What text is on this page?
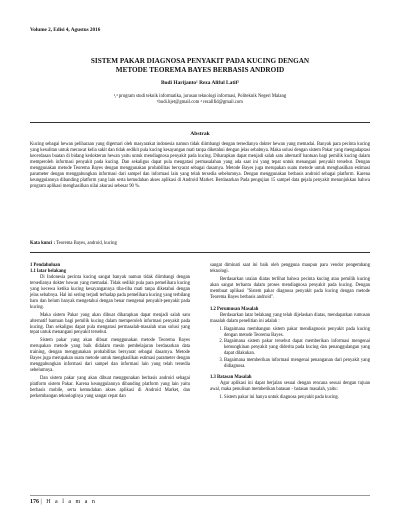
Volume 2, Edisi 4, Agustus 2016
SISTEM PAKAR DIAGNOSA PENYAKIT PADA KUCING DENGAN
METODE TEOREMA BAYES BERBASIS ANDROID
Budi Harijanto¹ Reza Aliful Latif²
¹,² program studi teknik informatika, jurusan teknologi informasi, Politeknik Negeri Malang
¹budi.hjet@gmail.com ² rezalifid@gmail.com
Abstrak
Kucing sebagai hewan peliharaan yang digemari oleh masyarakat indonesia namun tidak diimbangi dengan tersedianya dokter hewan yang memadai. Banyak para pecinta kucing yang kesulitan untuk merawat kelia sakit dan tidak sedikit pula kucing kesayangan mati tanpa diketahui dengan jelas sebabnya. Maka solusi dengan sistem Pakar yang mengadaptasi kecerdasan buatan di bidang kedokteran hewan yaitu untuk mendiagnosa penyakit pada kucing. Diharapkan dapat menjadi salah satu alternatif bantuan bagi pemilik kucing dalam memperoleh informasi penyakit pada kucing. Dan sekaligus dapat pula mengatasi permasalahan yang ada saat ini yang tepat untuk menangani penyakit tersebut. Dengan menggunakan metode Teorema Bayes dengan menggunakan probabilitas bersyarat sebagai dasarnya. Metode Bayes juga merupakan suatu metode untuk menghasilkan estimasi parameter dengan menggabungkan informasi dari sampel dan informasi lain yang telah tersedia sebelumnya. Dengan menggunakan berbasis android sebagai platform. Karena keunggulannya dibanding platform yang lain serta kemudahan akses aplikasi di Android Market. Berdasarkan Pada pengujian 15 sampel data gejala penyakit menunjukkan bahwa program aplikasi menghasilkan nilai akurasi sebesar 90 %.
Kata kunci : Teorema Bayes, android, kucing

1 Pendahuluan

1.1 latar belakang

Di Indonesia pecinta kucing sangat banyak namun tidak diimbangi dengan tersedianya dokter hewan yang memadai. Tidak sedikit pula para pemelihara kucing yang kecewa ketika kucing kesayangannya tiba-tiba mati tanpa diketahui dengan jelas sebabnya. Hal ini sering terjadi terhadap pada pemelihara kucing yang terbilang baru dan belum banyak mengetahui dengan benar mengenai penyakit-penyakit pada kucing.

Maka sistem Pakar yang akan dibuat diharapkan dapat menjadi salah satu alternatif bantuan bagi pemilik kucing dalam memperoleh informasi penyakit pada kucing. Dan sekaligus dapat pula mengatasi permasalah-masalah utau solusi yang tepat untuk menangani penyakit tersebut.

Sistem pakar yang akan dibuat menggunakan metode Teorema Bayes merupakan metode yang baik didalam mesin pembelajaran berdasarkan data training, dengan menggunakan probabilitas bersyarat sebagai dasarnya. Metode Bayes juga merupakan suatu metode untuk menghasilkan estimasi parameter dengan menggabungkan informasi dari sampel dan informasi lain yang telah tersedia sebelumnya.

Dan sistem pakar yang akan dibuat menggunakan berbasis android sebagai platform sistem Pakar. Karena keunggulannya dibanding platform yang lain yaitu berbasis mobile, serta kemudahan akses aplikasi di Android Market, dan perkembangan teknologinya yang sangat cepat dan

sangat diminati saat ini baik oleh pengguna maupun para vendor pengembang teknologi.

Berdasarkan uraian diatas terlihat bahwa pecinta kucing atau pemilik kucing akan sangat terbantu dalam proses mendiagnosa penyakit pada kucing. Dengan membuat aplikasi "Sistem pakar diagnosa penyakit pada kucing dengan metode Teorema Bayes berbasis android".

1.2 Perumusan Masalah

Berdasarkan latar belakang yang telah dijelaskan diatas, mendapatkan rumusan masalah dalam penelitian ini adalah :

1. Bagaimana membangun sistem pakar mendiagnosis penyakit pada kucing dengan metode Teorema Bayes.
2. Bagaimana sistem pakar tersebut dapat memberikan informasi mengenai kemungkinan penyakit yang diderita pada kucing dan penanggulangan yang dapat dilakukan.
3. Bagaimana memberikan informasi mengenai penanganan dari penyakit yang didiagnosa.

1.3 Batasan Masalah

Agar aplikasi ini dapat berjalan sesuai dengan rencana sesuai dengan tujuan awal, maka penulisan memberikan batasan - batasan masalah, yaitu:

1. Sistem pakar ini hanya untuk diagnosa penyakit pada kucing.
176 | H a l a m a n
